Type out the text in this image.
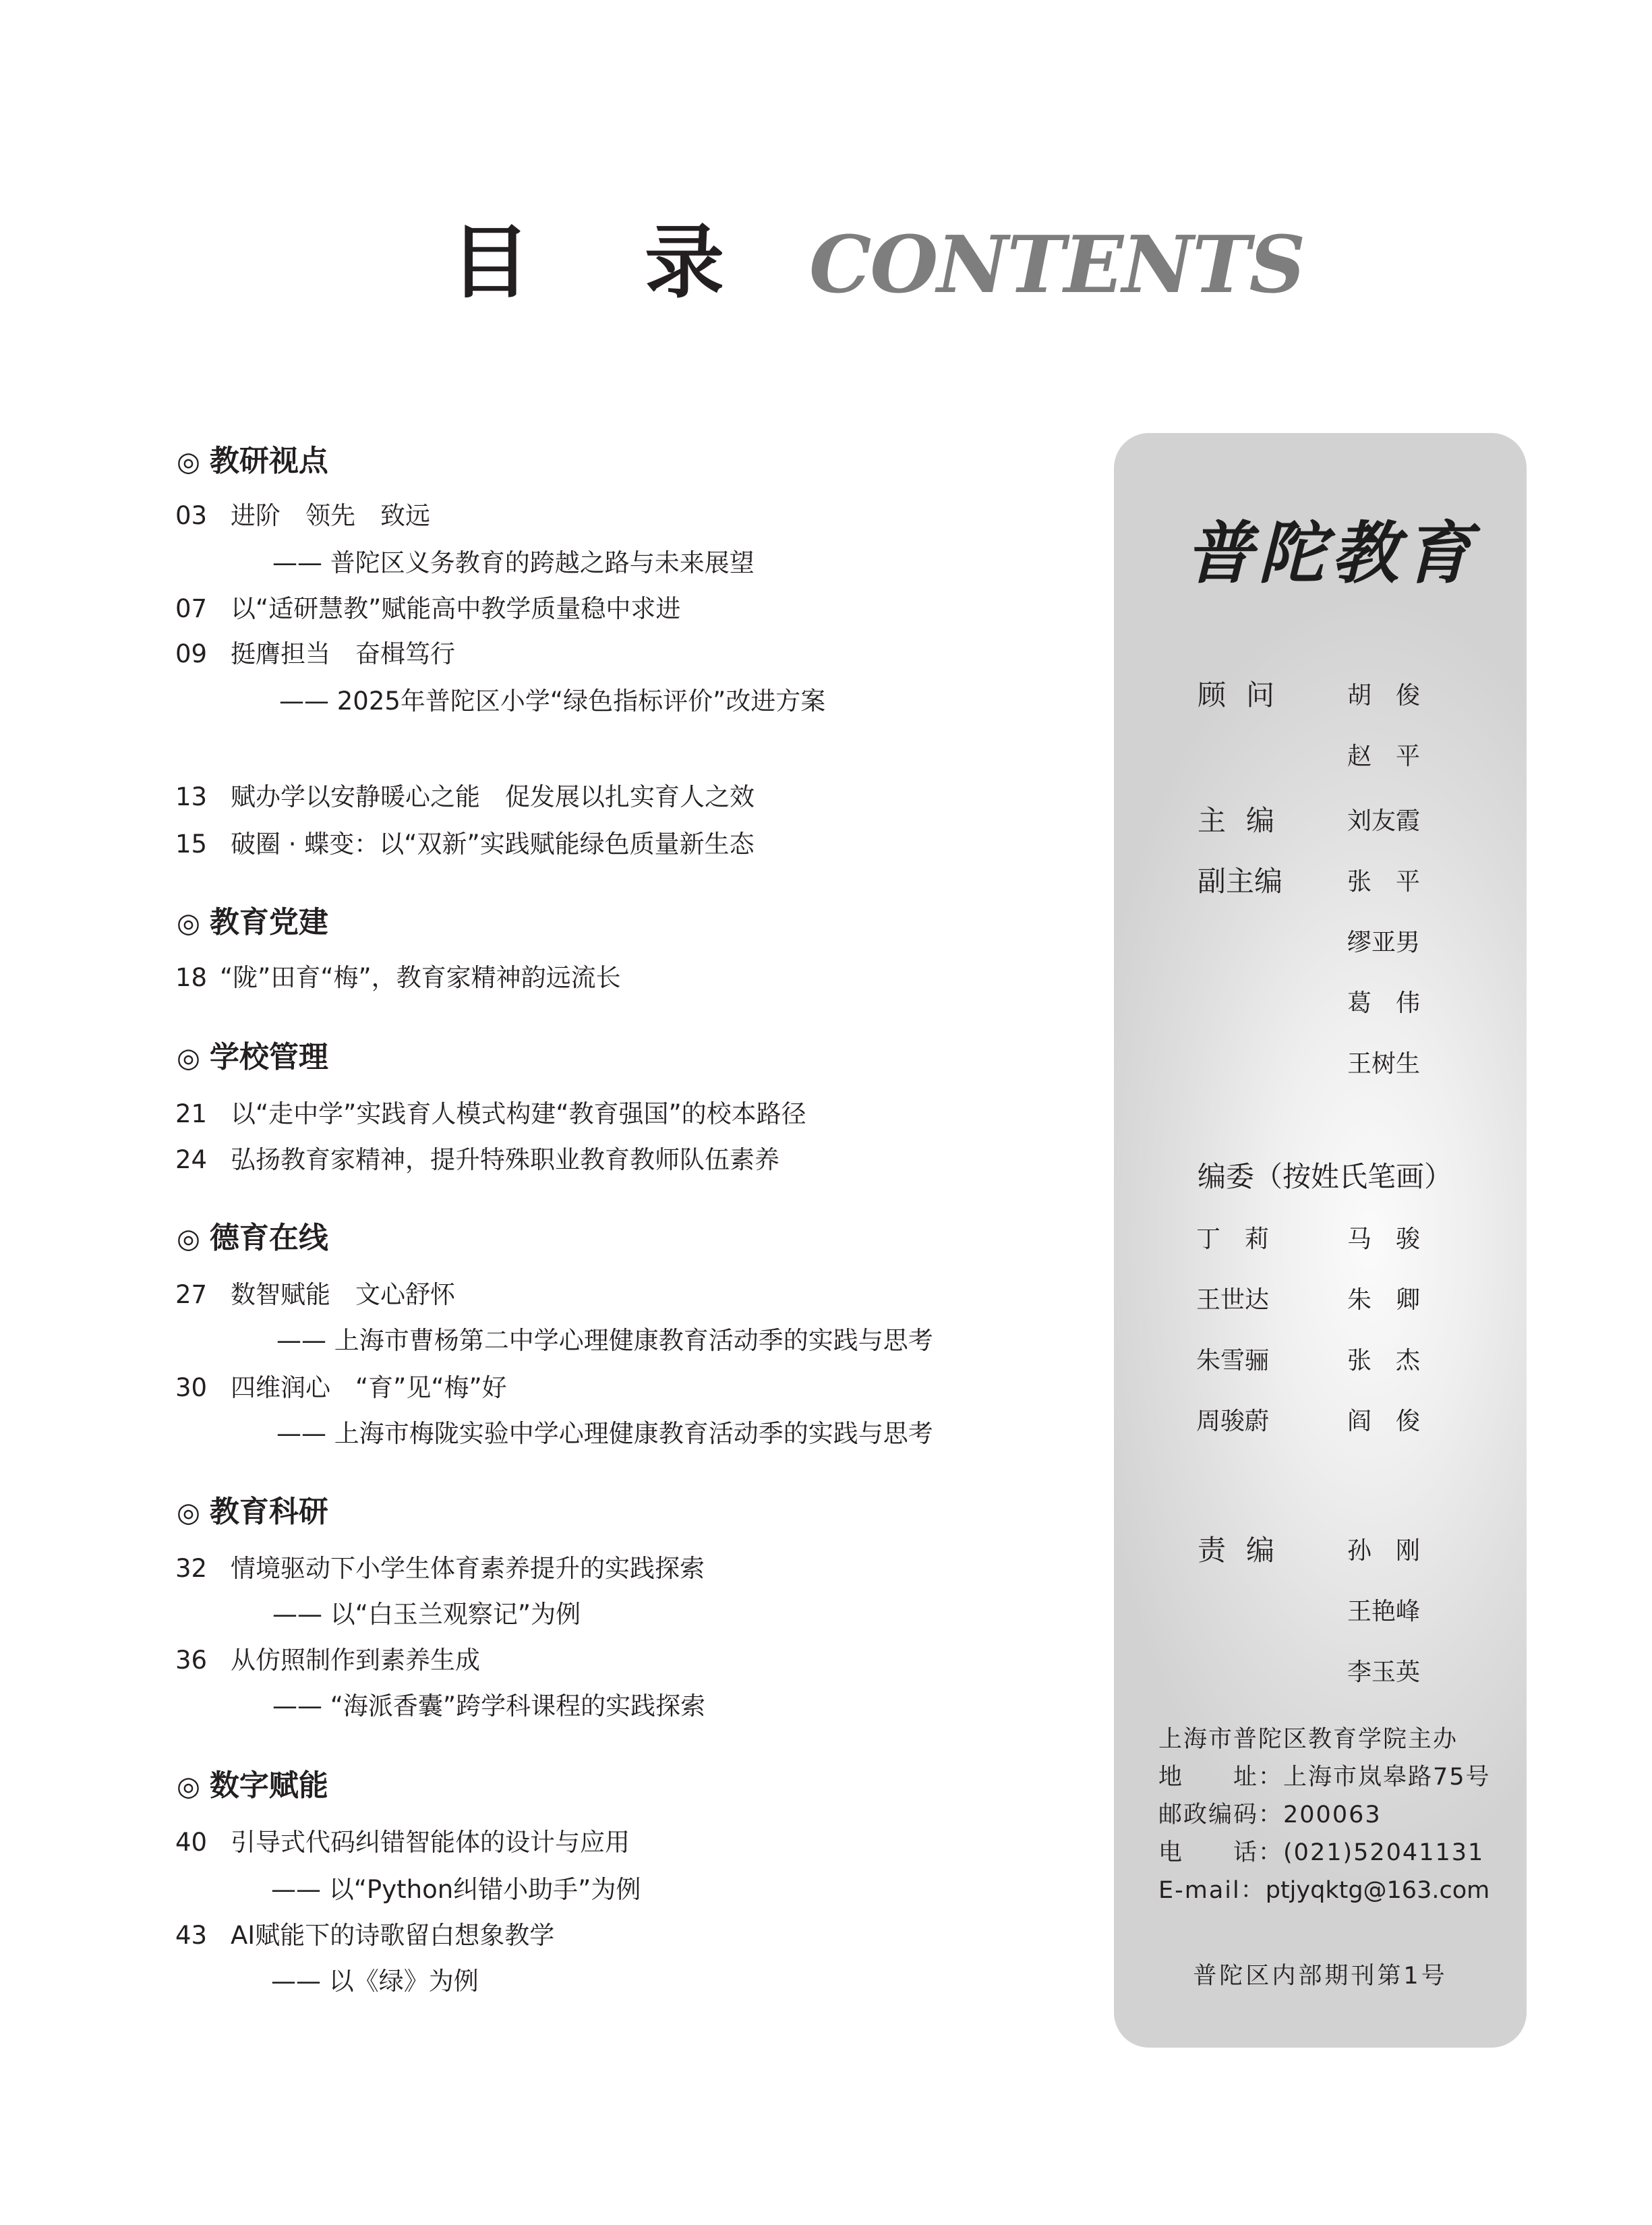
目录
CONTENTS
◎ 教研视点
03 进阶　领先　致远
—— 普陀区义务教育的跨越之路与未来展望
07 以“适研慧教”赋能高中教学质量稳中求进
09 挺膺担当　奋楫笃行
—— 2025年普陀区小学“绿色指标评价”改进方案
13 赋办学以安静暖心之能　促发展以扎实育人之效
15 破圈 · 蝶变：以“双新”实践赋能绿色质量新生态
◎ 教育党建
18 “陇”田育“梅”，教育家精神韵远流长
◎ 学校管理
21 以“走中学”实践育人模式构建“教育强国”的校本路径
24 弘扬教育家精神，提升特殊职业教育教师队伍素养
◎ 德育在线
27 数智赋能　文心舒怀
—— 上海市曹杨第二中学心理健康教育活动季的实践与思考
30 四维润心　“育”见“梅”好
—— 上海市梅陇实验中学心理健康教育活动季的实践与思考
◎ 教育科研
32 情境驱动下小学生体育素养提升的实践探索
—— 以“白玉兰观察记”为例
36 从仿照制作到素养生成
—— “海派香囊”跨学科课程的实践探索
◎ 数字赋能
40 引导式代码纠错智能体的设计与应用
—— 以“Python纠错小助手”为例
43 AI赋能下的诗歌留白想象教学
—— 以《绿》为例
普陀教育
顾问 胡　俊
赵　平
主编 刘友霞
副主编	张　平
缪亚男
葛　伟
王树生
编委（按姓氏笔画）
丁　莉	马　骏
王世达	朱　卿
朱雪骊	张　杰
周骏蔚	阎　俊
责编 孙　刚
王艳峰
李玉英
上海市普陀区教育学院主办
地　　址：上海市岚皋路75号
邮政编码：200063
电　　话：(021)52041131
E-mail：ptjyqktg@163.com
普陀区内部期刊第1号
